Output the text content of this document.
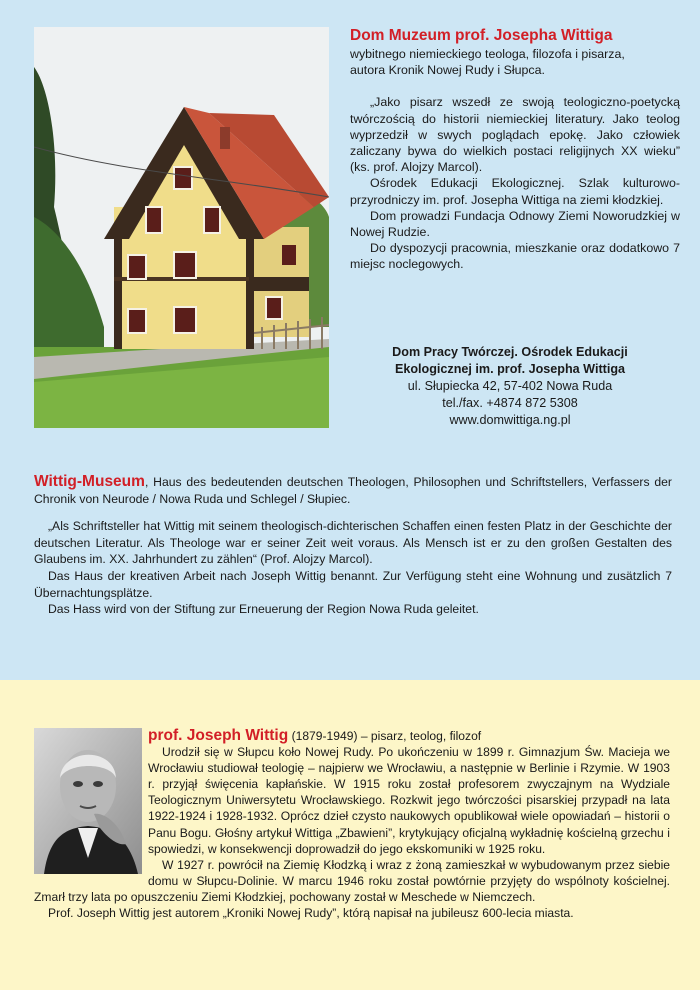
Dom Muzeum prof. Josepha Wittiga

wybitnego niemieckiego teologa, filozofa i pisarza,

autora Kronik Nowej Rudy i Słupca.

„Jako pisarz wszedł ze swoją teologiczno-poetycką twórczością do historii niemieckiej literatury. Jako teolog wyprzedził w swych poglądach epokę. Jako człowiek zaliczany bywa do wielkich postaci religijnych XX wieku” (ks. prof. Alojzy Marcol).

Ośrodek Edukacji Ekologicznej. Szlak kulturowo-przyrodniczy im. prof. Josepha Wittiga na ziemi kłodzkiej.

Dom prowadzi Fundacja Odnowy Ziemi Noworudzkiej w Nowej Rudzie.

Do dyspozycji pracownia, mieszkanie oraz dodatkowo 7 miejsc noclegowych.

Dom Pracy Twórczej. Ośrodek Edukacji
Ekologicznej im. prof. Josepha Wittiga
ul. Słupiecka 42, 57-402 Nowa Ruda
tel./fax. +4874 872 5308
www.domwittiga.ng.pl

Wittig-Museum, Haus des bedeutenden deutschen Theologen, Philosophen und Schriftstellers, Verfassers der Chronik von Neurode / Nowa Ruda und Schlegel / Słupiec.

„Als Schriftsteller hat Wittig mit seinem theologisch-dichterischen Schaffen einen festen Platz in der Geschichte der deutschen Literatur. Als Theologe war er seiner Zeit weit voraus. Als Mensch ist er zu den großen Gestalten des Glaubens im. XX. Jahrhundert zu zählen“ (Prof. Alojzy Marcol).

Das Haus der kreativen Arbeit nach Joseph Wittig benannt. Zur Verfügung steht eine Wohnung und zusätzlich 7 Übernachtungsplätze.

Das Hass wird von der Stiftung zur Erneuerung der Region Nowa Ruda geleitet.

prof. Joseph Wittig (1879-1949) – pisarz, teolog, filozof

Urodził się w Słupcu koło Nowej Rudy. Po ukończeniu w 1899 r. Gimnazjum Św. Macieja we Wrocławiu studiował teologię – najpierw we Wrocławiu, a następnie w Berlinie i Rzymie. W 1903 r. przyjął święcenia kapłańskie. W 1915 roku został profesorem zwyczajnym na Wydziale Teologicznym Uniwersytetu Wrocławskiego. Rozkwit jego twórczości pisarskiej przypadł na lata 1922-1924 i 1928-1932. Oprócz dzieł czysto naukowych opublikował wiele opowiadań – historii o Panu Bogu. Głośny artykuł Wittiga „Zbawieni”, krytykujący oficjalną wykładnię kościelną grzechu i spowiedzi, w konsekwencji doprowadził do jego ekskomuniki w 1925 roku.

W 1927 r. powrócił na Ziemię Kłodzką i wraz z żoną zamieszkał w wybudowanym przez siebie domu w Słupcu-Dolinie. W marcu 1946 roku został powtórnie przyjęty do wspólnoty kościelnej. Zmarł trzy lata po opuszczeniu Ziemi Kłodzkiej, pochowany został w Meschede w Niemczech.

Prof. Joseph Wittig jest autorem „Kroniki Nowej Rudy”, którą napisał na jubileusz 600-lecia miasta.
